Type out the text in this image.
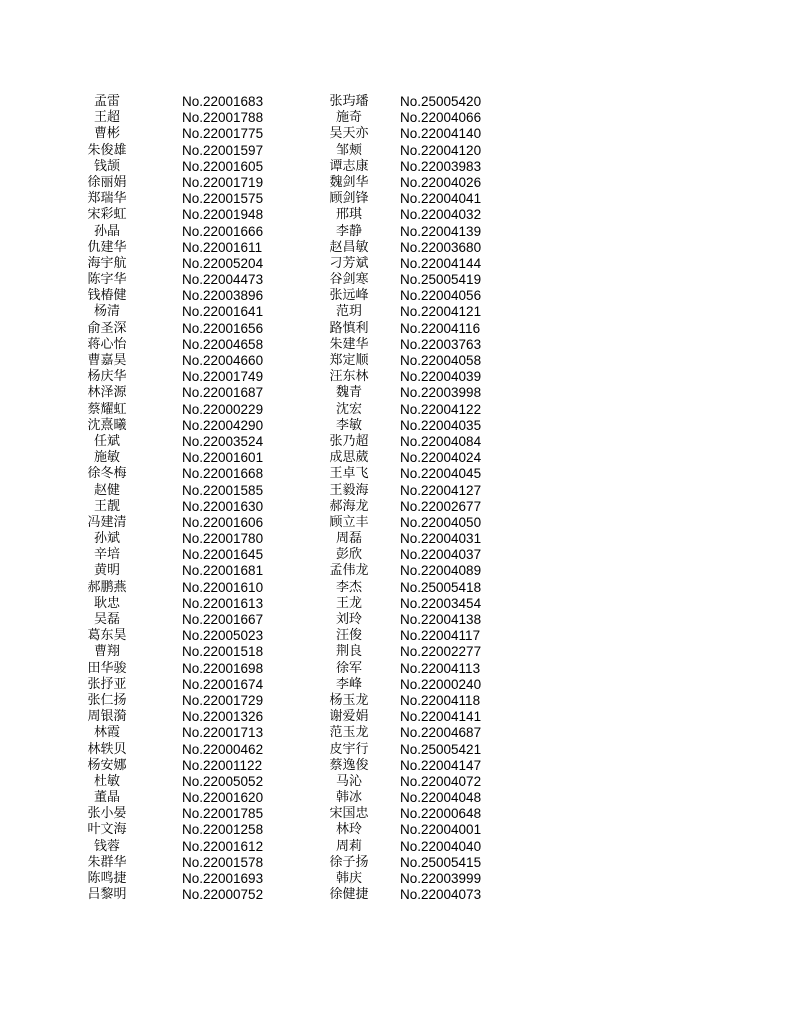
孟雷	No.22001683	张玙璠	No.25005420
王超	No.22001788	施奇	No.22004066
曹彬	No.22001775	吴天亦	No.22004140
朱俊雄	No.22001597	邹颊	No.22004120
钱颉	No.22001605	谭志康	No.22003983
徐丽娟	No.22001719	魏剑华	No.22004026
郑瑞华	No.22001575	顾剑锋	No.22004041
宋彩虹	No.22001948	邢琪	No.22004032
孙晶	No.22001666	李静	No.22004139
仇建华	No.22001611	赵昌敏	No.22003680
海宇航	No.22005204	刁芳斌	No.22004144
陈字华	No.22004473	谷剑寒	No.25005419
钱椿健	No.22003896	张远峰	No.22004056
杨清	No.22001641	范玥	No.22004121
俞圣深	No.22001656	路慎利	No.22004116
蒋心怡	No.22004658	朱建华	No.22003763
曹嘉昊	No.22004660	郑定顺	No.22004058
杨庆华	No.22001749	汪东林	No.22004039
林泽源	No.22001687	魏青	No.22003998
蔡耀虹	No.22000229	沈宏	No.22004122
沈熹曦	No.22004290	李敏	No.22004035
任斌	No.22003524	张乃超	No.22004084
施敏	No.22001601	成思葳	No.22004024
徐冬梅	No.22001668	王卓飞	No.22004045
赵健	No.22001585	王毅海	No.22004127
王靓	No.22001630	郝海龙	No.22002677
冯建清	No.22001606	顾立丰	No.22004050
孙斌	No.22001780	周磊	No.22004031
辛培	No.22001645	彭欣	No.22004037
黄明	No.22001681	孟伟龙	No.22004089
郝鹏燕	No.22001610	李杰	No.25005418
耿忠	No.22001613	王龙	No.22003454
吴磊	No.22001667	刘玲	No.22004138
葛东昊	No.22005023	汪俊	No.22004117
曹翔	No.22001518	荆良	No.22002277
田华骏	No.22001698	徐军	No.22004113
张抒亚	No.22001674	李峰	No.22000240
张仁扬	No.22001729	杨玉龙	No.22004118
周银漪	No.22001326	谢爱娟	No.22004141
林霞	No.22001713	范玉龙	No.22004687
林轶贝	No.22000462	皮宇行	No.25005421
杨安娜	No.22001122	蔡逸俊	No.22004147
杜敏	No.22005052	马沁	No.22004072
董晶	No.22001620	韩冰	No.22004048
张小晏	No.22001785	宋国忠	No.22000648
叶文海	No.22001258	林玲	No.22004001
钱蓉	No.22001612	周莉	No.22004040
朱群华	No.22001578	徐子扬	No.25005415
陈鸣捷	No.22001693	韩庆	No.22003999
吕黎明	No.22000752	徐健捷	No.22004073
